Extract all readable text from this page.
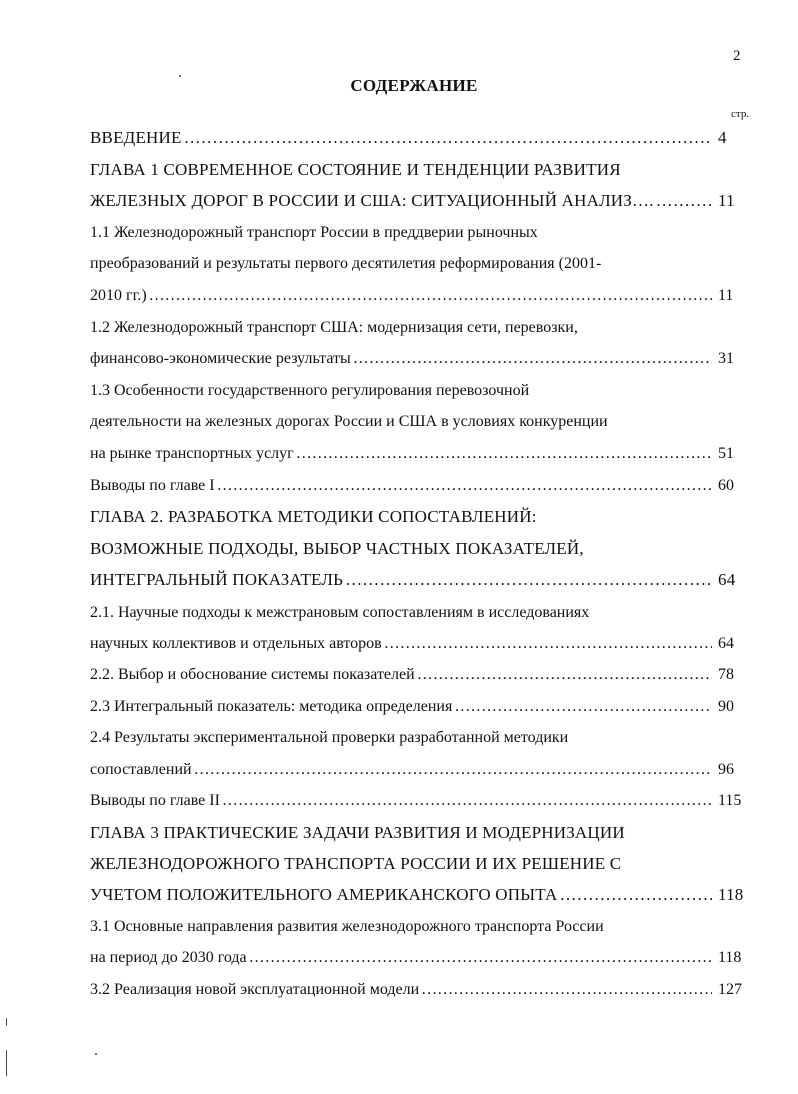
2
СОДЕРЖАНИЕ
стр.
ВВЕДЕНИЕ ……………………………………………………………………………………………………………………………………………………	4
ГЛАВА 1 СОВРЕМЕННОЕ СОСТОЯНИЕ И ТЕНДЕНЦИИ РАЗВИТИЯ
ЖЕЛЕЗНЫХ ДОРОГ В РОССИИ И США: СИТУАЦИОННЫЙ АНАЛИЗ…. ……………………………………………………………………………………………………………………………………………………	11
1.1 Железнодорожный транспорт России в преддверии рыночных
преобразований и результаты первого десятилетия реформирования (2001-
2010 гг.) ……………………………………………………………………………………………………………………………………………………	11
1.2 Железнодорожный транспорт США: модернизация сети, перевозки,
финансово-экономические результаты ……………………………………………………………………………………………………………………………………………………	31
1.3 Особенности государственного регулирования перевозочной
деятельности на железных дорогах России и США в условиях конкуренции
на рынке транспортных услуг ……………………………………………………………………………………………………………………………………………………	51
Выводы по главе I ……………………………………………………………………………………………………………………………………………………	60
ГЛАВА 2. РАЗРАБОТКА МЕТОДИКИ СОПОСТАВЛЕНИЙ:
ВОЗМОЖНЫЕ ПОДХОДЫ, ВЫБОР ЧАСТНЫХ ПОКАЗАТЕЛЕЙ,
ИНТЕГРАЛЬНЫЙ ПОКАЗАТЕЛЬ ……………………………………………………………………………………………………………………………………………………	64
2.1. Научные подходы к межстрановым сопоставлениям в исследованиях
научных коллективов и отдельных авторов ……………………………………………………………………………………………………………………………………………………	64
2.2. Выбор и обоснование системы показателей ……………………………………………………………………………………………………………………………………………………	78
2.3 Интегральный показатель: методика определения ……………………………………………………………………………………………………………………………………………………	90
2.4 Результаты экспериментальной проверки разработанной методики
сопоставлений ……………………………………………………………………………………………………………………………………………………	96
Выводы по главе II ……………………………………………………………………………………………………………………………………………………	115
ГЛАВА 3 ПРАКТИЧЕСКИЕ ЗАДАЧИ РАЗВИТИЯ И МОДЕРНИЗАЦИИ
ЖЕЛЕЗНОДОРОЖНОГО ТРАНСПОРТА РОССИИ И ИХ РЕШЕНИЕ С
УЧЕТОМ ПОЛОЖИТЕЛЬНОГО АМЕРИКАНСКОГО ОПЫТА ……………………………………………………………………………………………………………………………………………………	118
3.1 Основные направления развития железнодорожного транспорта России
на период до 2030 года ……………………………………………………………………………………………………………………………………………………	118
3.2 Реализация новой эксплуатационной модели ……………………………………………………………………………………………………………………………………………………	127
